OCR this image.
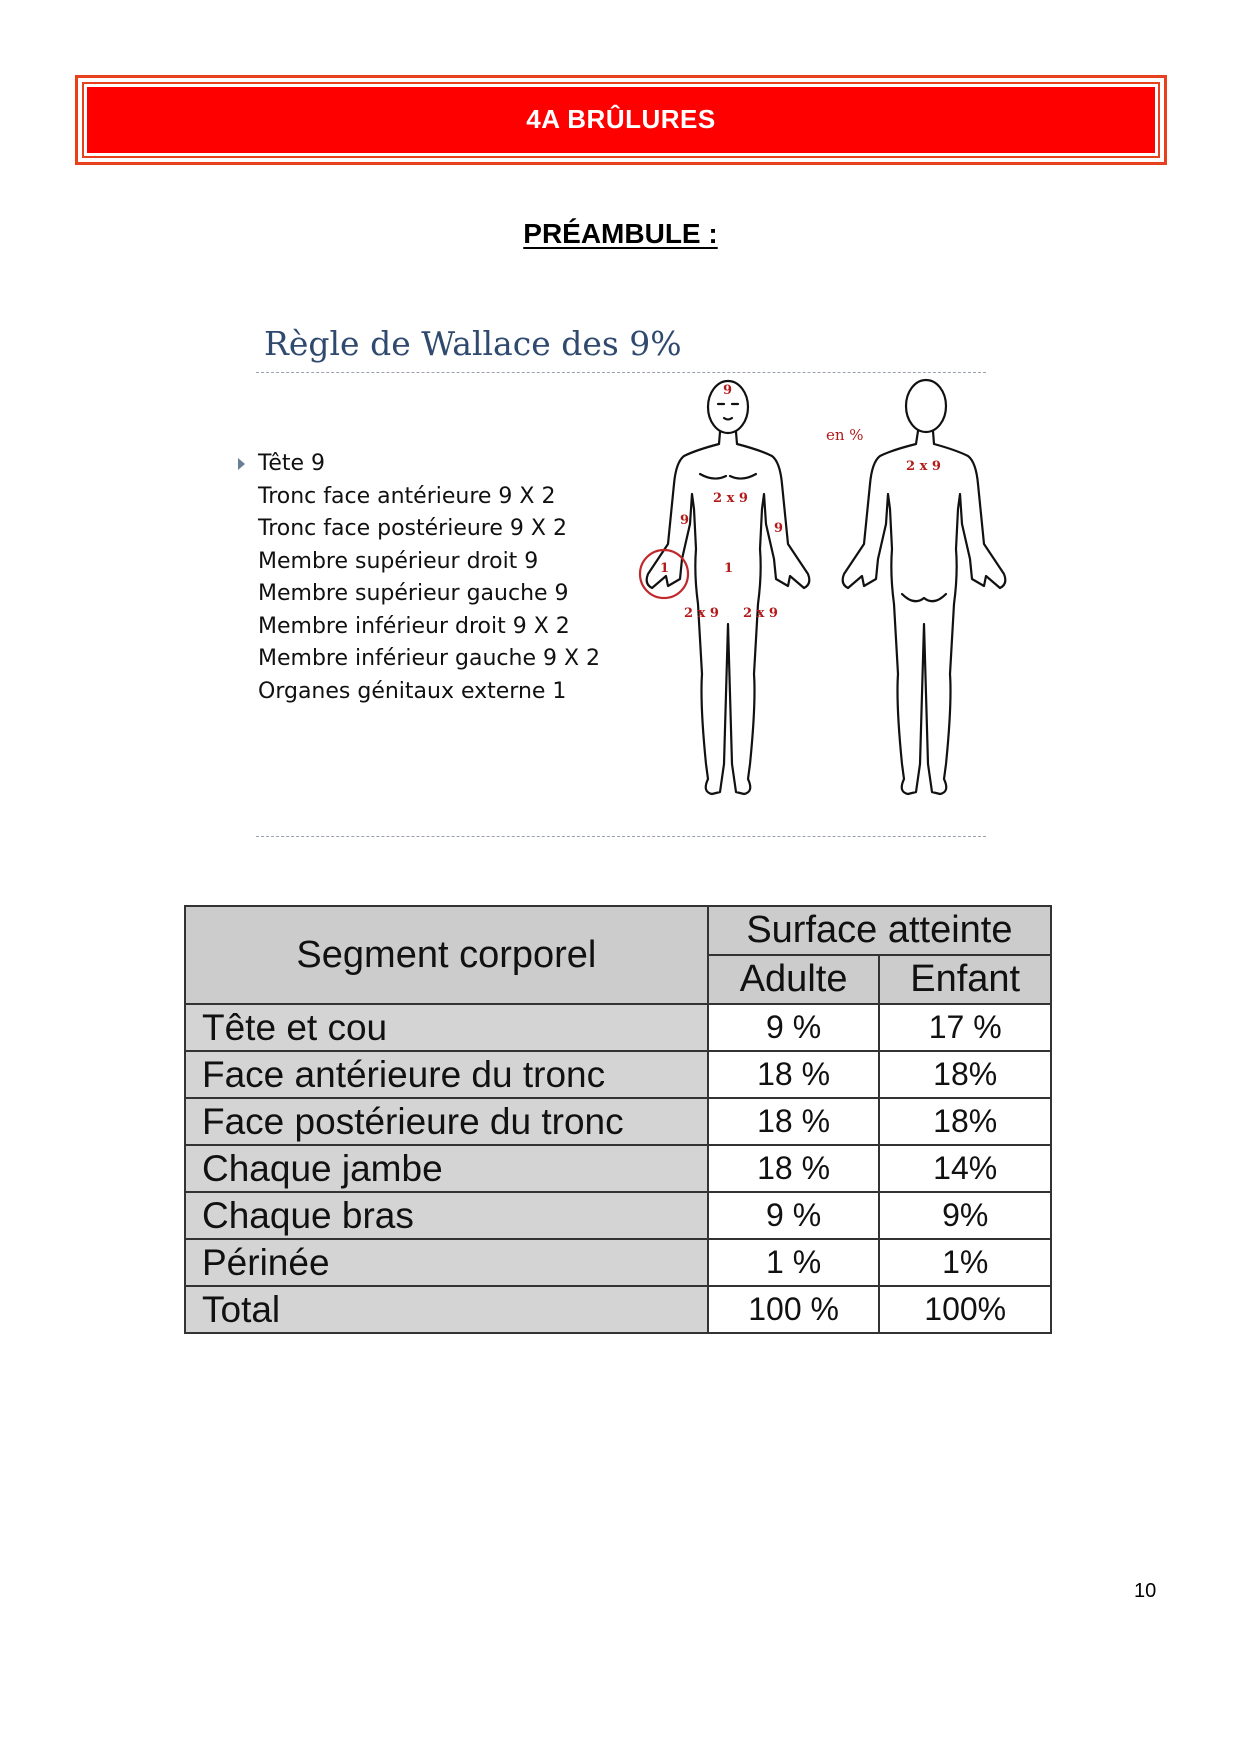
4A BRÛLURES
PRÉAMBULE :
Règle de Wallace des 9%
Tête 9
Tronc face antérieure 9 X 2
Tronc face postérieure 9 X 2
Membre supérieur droit 9
Membre supérieur gauche 9
Membre inférieur droit 9 X 2
Membre inférieur gauche 9 X 2
Organes génitaux externe 1
en %
9
2 x 9
9
9
1
1
2 x 9 2 x 9
2 x 9
Segment corporel	Surface atteinte	
	Adulte	Enfant
Tête et cou	9 %	17 %
Face antérieure du tronc	18 %	18%
Face postérieure du tronc	18 %	18%
Chaque jambe	18 %	14%
Chaque bras	9 %	9%
Périnée	1 %	1%
Total	100 %	100%
10
